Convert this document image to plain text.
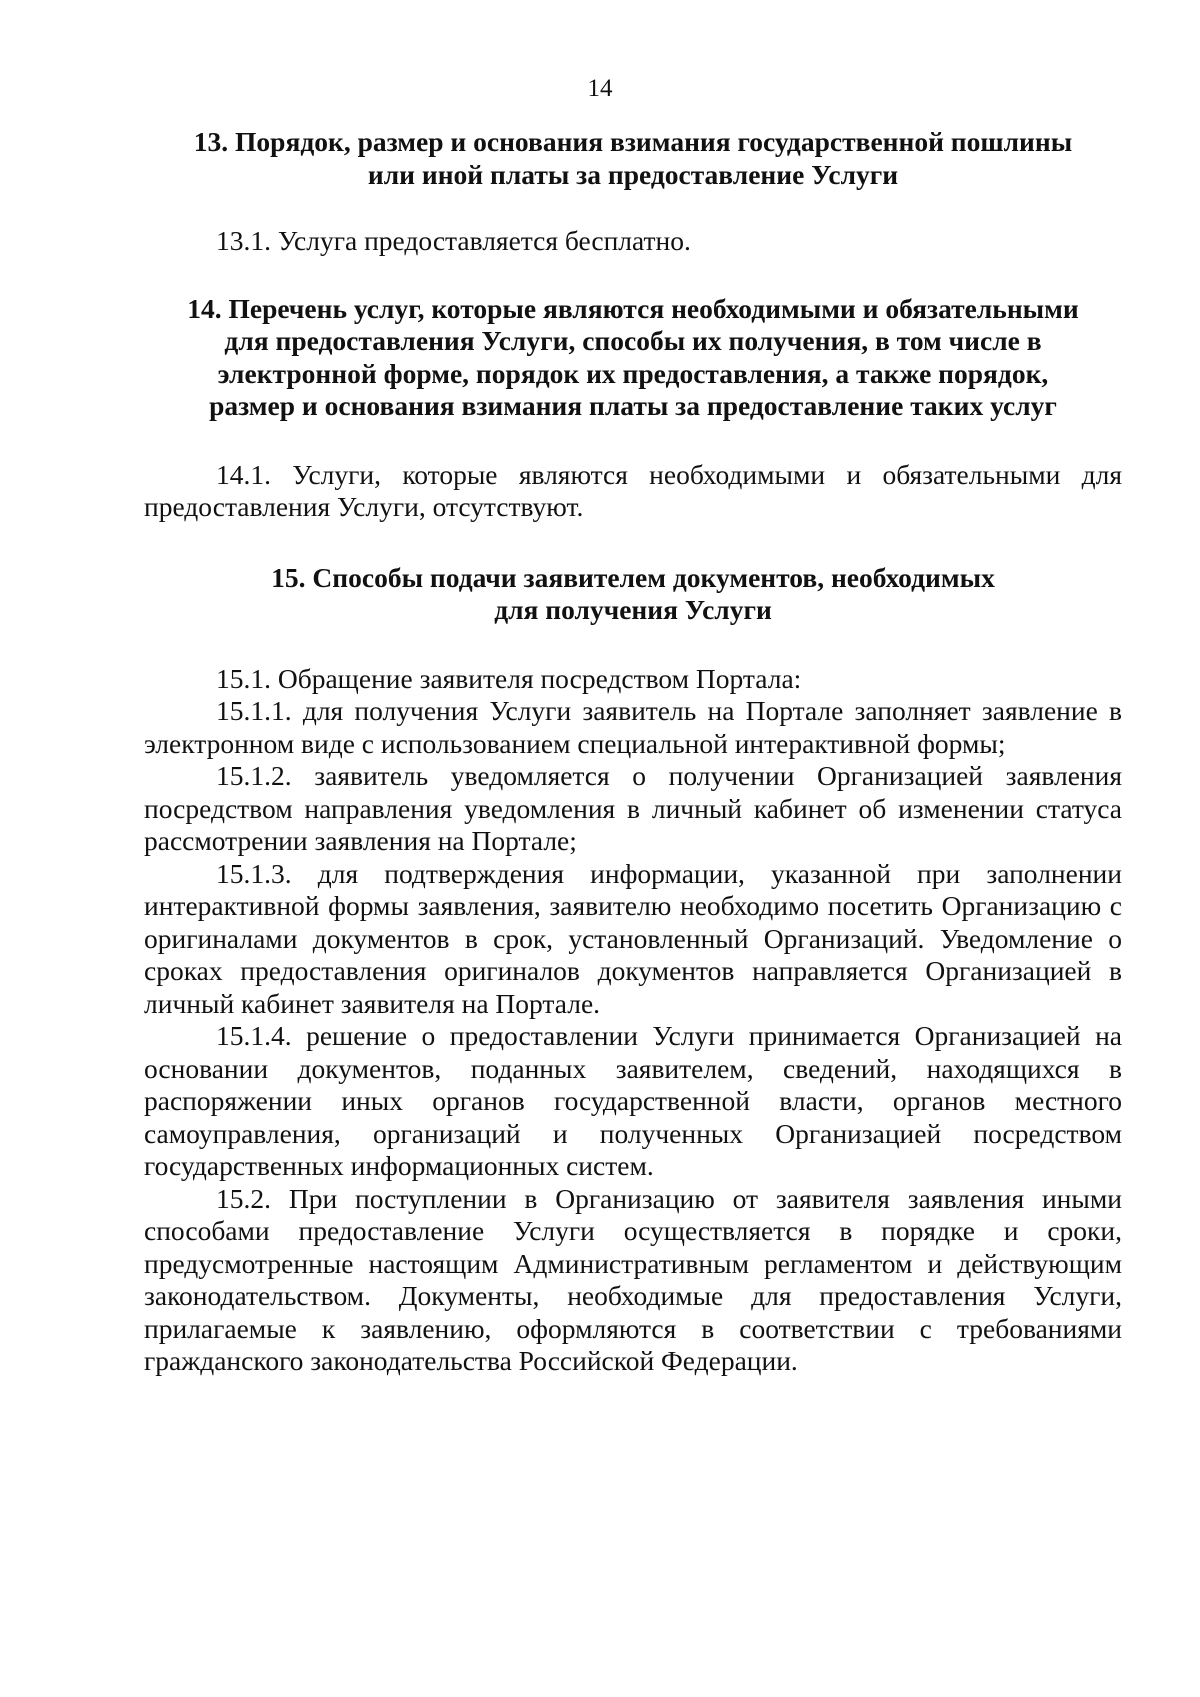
14
13. Порядок, размер и основания взимания государственной пошлины
или иной платы за предоставление Услуги

13.1. Услуга предоставляется бесплатно.

14. Перечень услуг, которые являются необходимыми и обязательными
для предоставления Услуги, способы их получения, в том числе в
электронной форме, порядок их предоставления, а также порядок,
размер и основания взимания платы за предоставление таких услуг

14.1. Услуги, которые являются необходимыми и обязательными для предоставления Услуги, отсутствуют.

15. Способы подачи заявителем документов, необходимых
для получения Услуги

15.1. Обращение заявителя посредством Портала:

15.1.1. для получения Услуги заявитель на Портале заполняет заявление в электронном виде с использованием специальной интерактивной формы;

15.1.2. заявитель уведомляется о получении Организацией заявления посредством направления уведомления в личный кабинет об изменении статуса рассмотрении заявления на Портале;

15.1.3. для подтверждения информации, указанной при заполнении интерактивной формы заявления, заявителю необходимо посетить Организацию с оригиналами документов в срок, установленный Организаций. Уведомление о сроках предоставления оригиналов документов направляется Организацией в личный кабинет заявителя на Портале.

15.1.4. решение о предоставлении Услуги принимается Организацией на основании документов, поданных заявителем, сведений, находящихся в распоряжении иных органов государственной власти, органов местного самоуправления, организаций и полученных Организацией посредством государственных информационных систем.

15.2. При поступлении в Организацию от заявителя заявления иными способами предоставление Услуги осуществляется в порядке и сроки, предусмотренные настоящим Административным регламентом и действующим законодательством. Документы, необходимые для предоставления Услуги, прилагаемые к заявлению, оформляются в соответствии с требованиями гражданского законодательства Российской Федерации.
